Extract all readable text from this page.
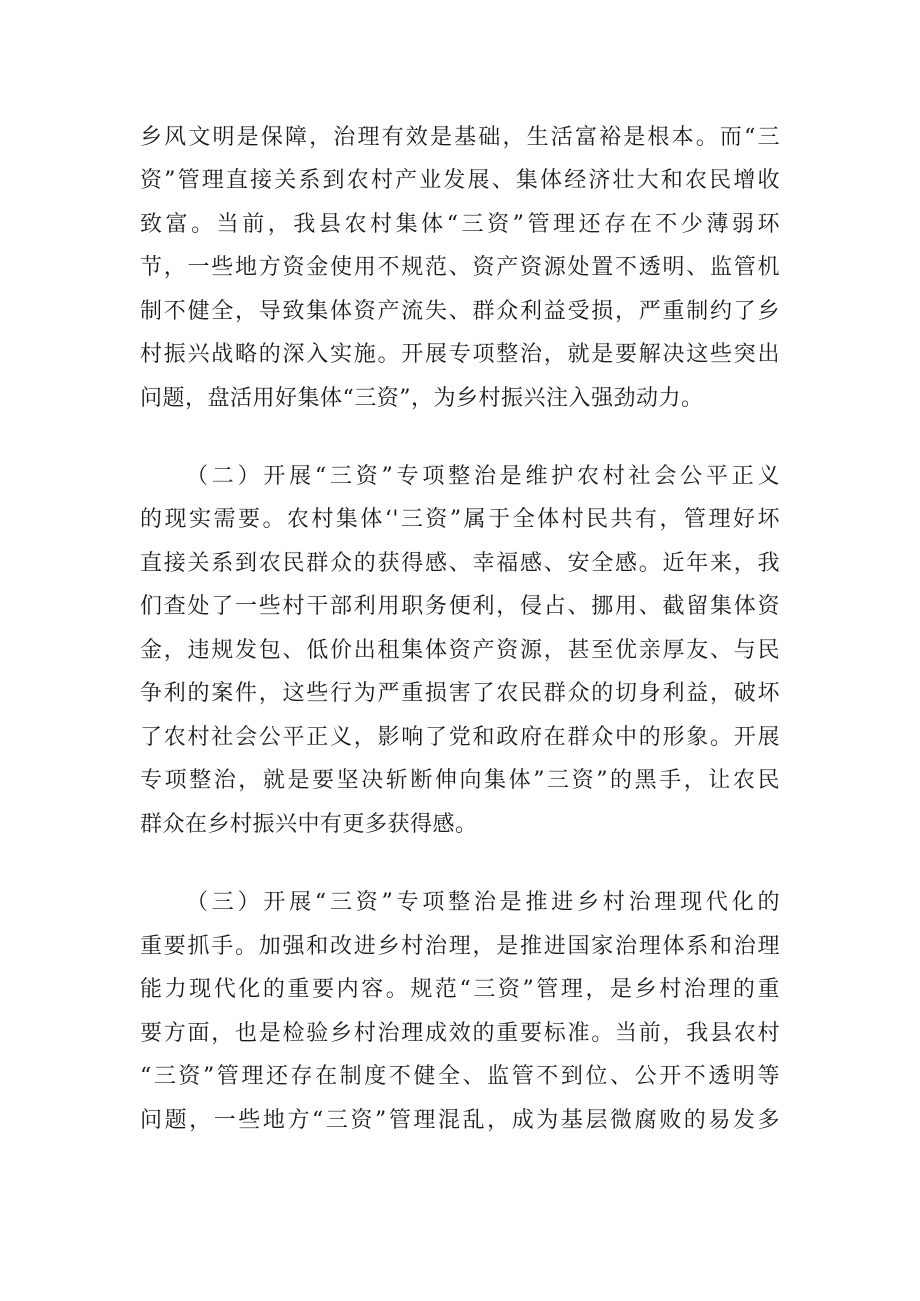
乡风文明是保障，治理有效是基础，生活富裕是根本。而“三
资”管理直接关系到农村产业发展、集体经济壮大和农民增收
致富。当前，我县农村集体“三资”管理还存在不少薄弱环
节，一些地方资金使用不规范、资产资源处置不透明、监管机
制不健全，导致集体资产流失、群众利益受损，严重制约了乡
村振兴战略的深入实施。开展专项整治，就是要解决这些突出
问题，盘活用好集体“三资”，为乡村振兴注入强劲动力。
（二）开展“三资”专项整治是维护农村社会公平正义
的现实需要。农村集体‘'三资”属于全体村民共有，管理好坏
直接关系到农民群众的获得感、幸福感、安全感。近年来，我
们查处了一些村干部利用职务便利，侵占、挪用、截留集体资
金，违规发包、低价出租集体资产资源，甚至优亲厚友、与民
争利的案件，这些行为严重损害了农民群众的切身利益，破坏
了农村社会公平正义，影响了党和政府在群众中的形象。开展
专项整治，就是要坚决斩断伸向集体”三资”的黑手，让农民
群众在乡村振兴中有更多获得感。
（三）开展“三资”专项整治是推进乡村治理现代化的
重要抓手。加强和改进乡村治理，是推进国家治理体系和治理
能力现代化的重要内容。规范“三资”管理，是乡村治理的重
要方面，也是检验乡村治理成效的重要标准。当前，我县农村
“三资”管理还存在制度不健全、监管不到位、公开不透明等
问题，一些地方“三资”管理混乱，成为基层微腐败的易发多
